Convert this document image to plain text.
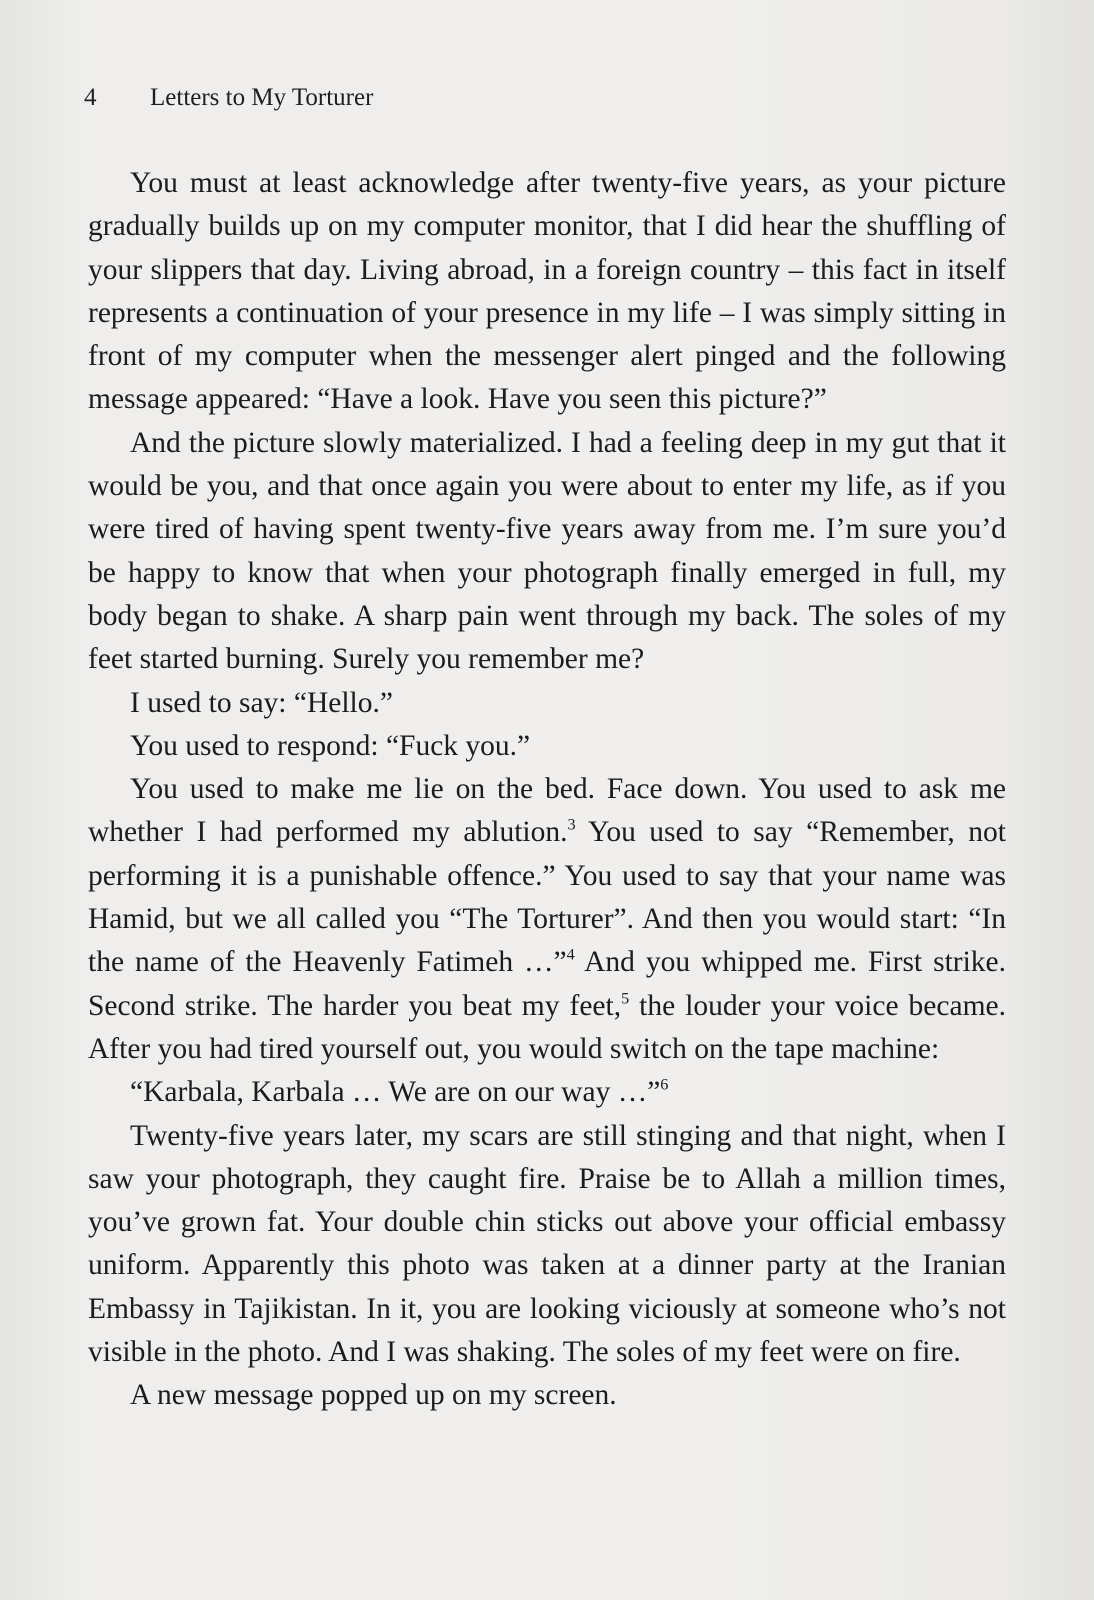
4 Letters to My Torturer

You must at least acknowledge after twenty-five years, as your picture gradually builds up on my computer monitor, that I did hear the shuffling of your slippers that day. Living abroad, in a foreign country – this fact in itself represents a continuation of your presence in my life – I was simply sitting in front of my computer when the messenger alert pinged and the following message appeared: “Have a look. Have you seen this picture?”

And the picture slowly materialized. I had a feeling deep in my gut that it would be you, and that once again you were about to enter my life, as if you were tired of having spent twenty-five years away from me. I’m sure you’d be happy to know that when your photograph finally emerged in full, my body began to shake. A sharp pain went through my back. The soles of my feet started burning. Surely you remember me?

I used to say: “Hello.”

You used to respond: “Fuck you.”

You used to make me lie on the bed. Face down. You used to ask me whether I had performed my ablution.$^3$ You used to say “Remember, not performing it is a punishable offence.” You used to say that your name was Hamid, but we all called you “The Torturer”. And then you would start: “In the name of the Heavenly Fatimeh …”$^4$ And you whipped me. First strike. Second strike. The harder you beat my feet,$^5$ the louder your voice became. After you had tired yourself out, you would switch on the tape machine:

“Karbala, Karbala … We are on our way …”$^6$

Twenty-five years later, my scars are still stinging and that night, when I saw your photograph, they caught fire. Praise be to Allah a million times, you’ve grown fat. Your double chin sticks out above your official embassy uniform. Apparently this photo was taken at a dinner party at the Iranian Embassy in Tajikistan. In it, you are looking viciously at someone who’s not visible in the photo. And I was shaking. The soles of my feet were on fire.

A new message popped up on my screen.
